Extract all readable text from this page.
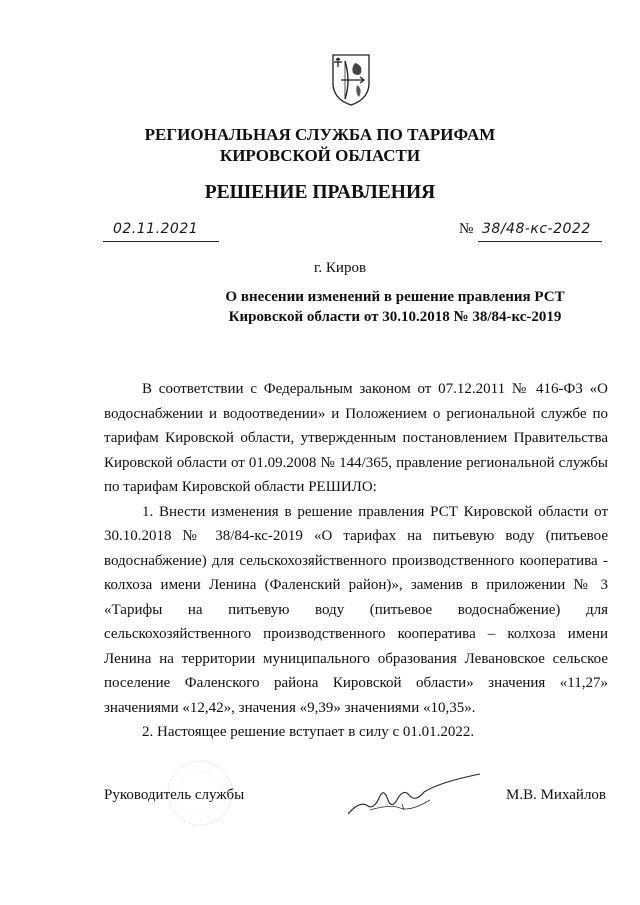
РЕГИОНАЛЬНАЯ СЛУЖБА ПО ТАРИФАМ
КИРОВСКОЙ ОБЛАСТИ
РЕШЕНИЕ ПРАВЛЕНИЯ
02.11.2021	№ 38/48-кс-2022
г. Киров
О внесении изменений в решение правления РСТ Кировской области от 30.10.2018 № 38/84-кс-2019

В соответствии с Федеральным законом от 07.12.2011 № 416-ФЗ «О водоснабжении и водоотведении» и Положением о региональной службе по тарифам Кировской области, утвержденным постановлением Правительства Кировской области от 01.09.2008 № 144/365, правление региональной службы по тарифам Кировской области РЕШИЛО:

1. Внести изменения в решение правления РСТ Кировской области от 30.10.2018 № 38/84-кс-2019 «О тарифах на питьевую воду (питьевое водоснабжение) для сельскохозяйственного производственного кооператива - колхоза имени Ленина (Фаленский район)», заменив в приложении № 3 «Тарифы на питьевую воду (питьевое водоснабжение) для сельскохозяйственного производственного кооператива – колхоза имени Ленина на территории муниципального образования Левановское сельское поселение Фаленского района Кировской области» значения «11,27» значениями «12,42», значения «9,39» значениями «10,35».

2. Настоящее решение вступает в силу с 01.01.2022.

Руководитель службы	М.В. Михайлов
